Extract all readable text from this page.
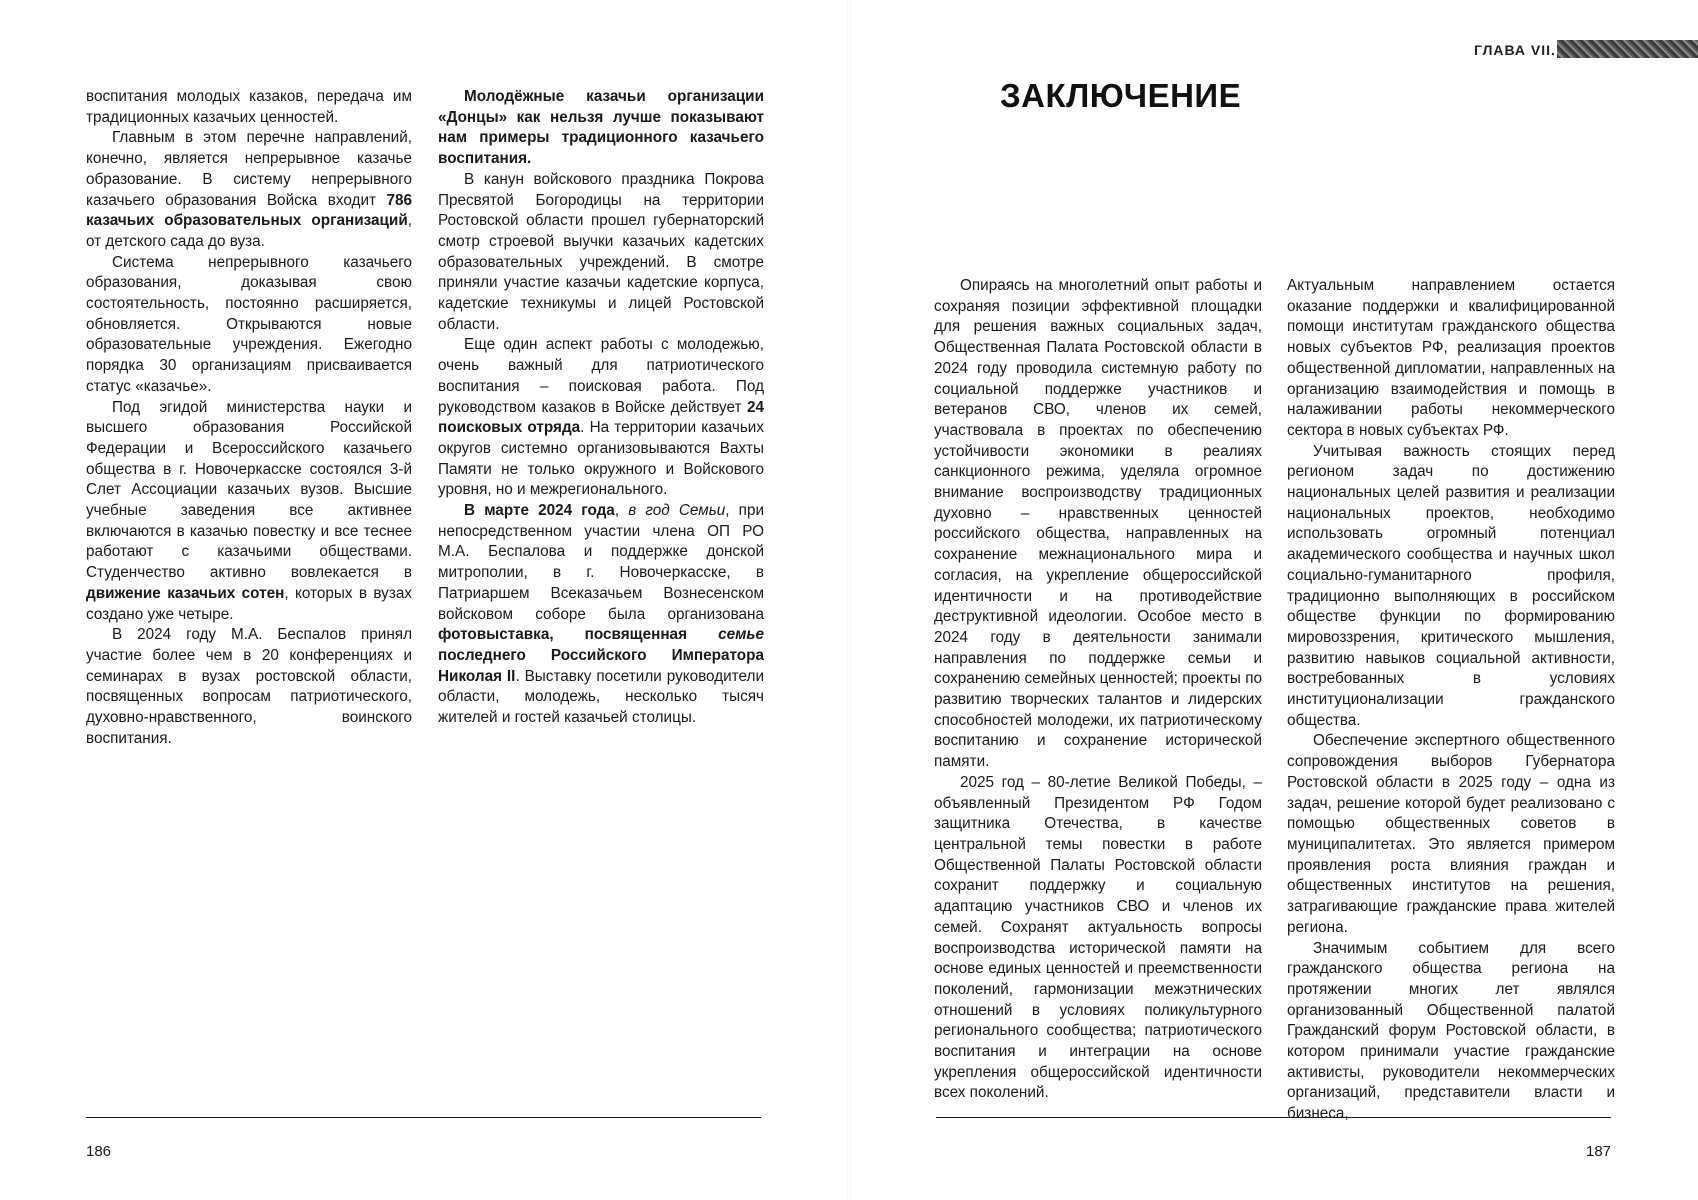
воспитания молодых казаков, передача им традиционных казачьих ценностей.

Главным в этом перечне направлений, конечно, является непрерывное казачье образование. В систему непрерывного казачьего образования Войска входит 786 казачьих образовательных организаций, от детского сада до вуза.

Система непрерывного казачьего образования, доказывая свою состоятельность, постоянно расширяется, обновляется. Открываются новые образовательные учреждения. Ежегодно порядка 30 организациям присваивается статус «казачье».

Под эгидой министерства науки и высшего образования Российской Федерации и Всероссийского казачьего общества в г. Новочеркасске состоялся 3-й Слет Ассоциации казачьих вузов. Высшие учебные заведения все активнее включаются в казачью повестку и все теснее работают с казачьими обществами. Студенчество активно вовлекается в движение казачьих сотен, которых в вузах создано уже четыре.

В 2024 году М.А. Беспалов принял участие более чем в 20 конференциях и семинарах в вузах ростовской области, посвященных вопросам патриотического, духовно-нравственного, воинского воспитания.

Молодёжные казачьи организации «Донцы» как нельзя лучше показывают нам примеры традиционного казачьего воспитания.

В канун войскового праздника Покрова Пресвятой Богородицы на территории Ростовской области прошел губернаторский смотр строевой выучки казачьих кадетских образовательных учреждений. В смотре приняли участие казачьи кадетские корпуса, кадетские техникумы и лицей Ростовской области.

Еще один аспект работы с молодежью, очень важный для патриотического воспитания – поисковая работа. Под руководством казаков в Войске действует 24 поисковых отряда. На территории казачьих округов системно организовываются Вахты Памяти не только окружного и Войскового уровня, но и межрегионального.

В марте 2024 года, в год Семьи, при непосредственном участии члена ОП РО М.А. Беспалова и поддержке донской митрополии, в г. Новочеркасске, в Патриаршем Всеказачьем Вознесенском войсковом соборе была организована фотовыставка, посвященная семье последнего Российского Императора Николая II. Выставку посетили руководители области, молодежь, несколько тысяч жителей и гостей казачьей столицы.

186
ГЛАВА VII.
ЗАКЛЮЧЕНИЕ

Опираясь на многолетний опыт работы и сохраняя позиции эффективной площадки для решения важных социальных задач, Общественная Палата Ростовской области в 2024 году проводила системную работу по социальной поддержке участников и ветеранов СВО, членов их семей, участвовала в проектах по обеспечению устойчивости экономики в реалиях санкционного режима, уделяла огромное внимание воспроизводству традиционных духовно – нравственных ценностей российского общества, направленных на сохранение межнационального мира и согласия, на укрепление общероссийской идентичности и на противодействие деструктивной идеологии. Особое место в 2024 году в деятельности занимали направления по поддержке семьи и сохранению семейных ценностей; проекты по развитию творческих талантов и лидерских способностей молодежи, их патриотическому воспитанию и сохранение исторической памяти.

2025 год – 80-летие Великой Победы, – объявленный Президентом РФ Годом защитника Отечества, в качестве центральной темы повестки в работе Общественной Палаты Ростовской области сохранит поддержку и социальную адаптацию участников СВО и членов их семей. Сохранят актуальность вопросы воспроизводства исторической памяти на основе единых ценностей и преемственности поколений, гармонизации межэтнических отношений в условиях поликультурного регионального сообщества; патриотического воспитания и интеграции на основе укрепления общероссийской идентичности всех поколений.

Актуальным направлением остается оказание поддержки и квалифицированной помощи институтам гражданского общества новых субъектов РФ, реализация проектов общественной дипломатии, направленных на организацию взаимодействия и помощь в налаживании работы некоммерческого сектора в новых субъектах РФ.

Учитывая важность стоящих перед регионом задач по достижению национальных целей развития и реализации национальных проектов, необходимо использовать огромный потенциал академического сообщества и научных школ социально-гуманитарного профиля, традиционно выполняющих в российском обществе функции по формированию мировоззрения, критического мышления, развитию навыков социальной активности, востребованных в условиях институционализации гражданского общества.

Обеспечение экспертного общественного сопровождения выборов Губернатора Ростовской области в 2025 году – одна из задач, решение которой будет реализовано с помощью общественных советов в муниципалитетах. Это является примером проявления роста влияния граждан и общественных институтов на решения, затрагивающие гражданские права жителей региона.

Значимым событием для всего гражданского общества региона на протяжении многих лет являлся организованный Общественной палатой Гражданский форум Ростовской области, в котором принимали участие гражданские активисты, руководители некоммерческих организаций, представители власти и бизнеса,

187
